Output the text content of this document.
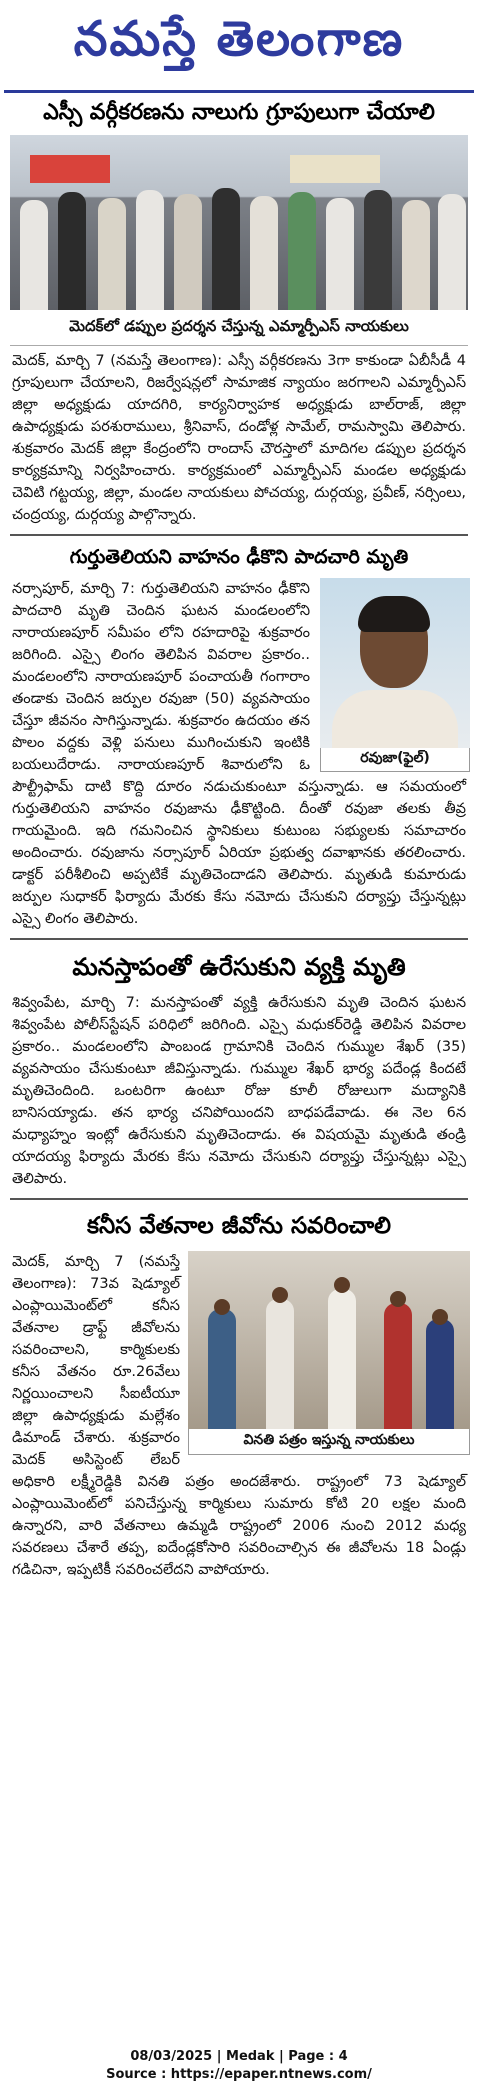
నమస్తే తెలంగాణ
ఎస్సీ వర్గీకరణను నాలుగు గ్రూపులుగా చేయాలి
మెదక్‌లో డప్పుల ప్రదర్శన చేస్తున్న ఎమ్మార్పీఎస్ నాయకులు
మెదక్, మార్చి 7 (నమస్తే తెలంగాణ): ఎస్సీ వర్గీకరణను 3గా కాకుండా ఏబీసీడీ 4 గ్రూపులుగా చేయాలని, రిజర్వేషన్లలో సామాజిక న్యాయం జరగాలని ఎమ్మార్పీఎస్ జిల్లా అధ్యక్షుడు యాదగిరి, కార్యనిర్వాహక అధ్యక్షుడు బాల్‌రాజ్, జిల్లా ఉపాధ్యక్షుడు పరశురాములు, శ్రీనివాస్, దండోళ్ల సామేల్, రామస్వామి తెలిపారు. శుక్రవారం మెదక్ జిల్లా కేంద్రంలోని రాందాస్ చౌరస్తాలో మాదిగల డప్పుల ప్రదర్శన కార్యక్రమాన్ని నిర్వహించారు. కార్యక్రమంలో ఎమ్మార్పీఎస్ మండల అధ్యక్షుడు చెవిటి గట్టయ్య, జిల్లా, మండల నాయకులు పోచయ్య, దుర్గయ్య, ప్రవీణ్, నర్సింలు, చంద్రయ్య, దుర్గయ్య పాల్గొన్నారు.
గుర్తుతెలియని వాహనం ఢీకొని పాదచారి మృతి
రవుజా(ఫైల్)
నర్సాపూర్, మార్చి 7: గుర్తుతెలియని వాహనం ఢీకొని పాదచారి మృతి చెందిన ఘటన మండలంలోని నారాయణపూర్ సమీపం లోని రహదారిపై శుక్రవారం జరిగింది. ఎస్సై లింగం తెలిపిన వివరాల ప్రకారం.. మండలంలోని నారాయణపూర్ పంచాయతీ గంగారాం తండాకు చెందిన జర్పుల రవుజా (50) వ్యవసాయం చేస్తూ జీవనం సాగిస్తున్నాడు. శుక్రవారం ఉదయం తన పొలం వద్దకు వెళ్లి పనులు ముగించుకుని ఇంటికి బయలుదేరాడు. నారాయణపూర్ శివారులోని ఓ పౌల్ట్రీఫామ్ దాటి కొద్ది దూరం నడుచుకుంటూ వస్తున్నాడు. ఆ సమయంలో గుర్తుతెలియని వాహనం రవుజాను ఢీకొట్టింది. దీంతో రవుజా తలకు తీవ్ర గాయమైంది. ఇది గమనించిన స్థానికులు కుటుంబ సభ్యులకు సమాచారం అందించారు. రవుజాను నర్సాపూర్ ఏరియా ప్రభుత్వ దవాఖానకు తరలించారు. డాక్టర్ పరీశీలించి అప్పటికే మృతిచెందాడని తెలిపారు. మృతుడి కుమారుడు జర్పుల సుధాకర్ ఫిర్యాదు మేరకు కేసు నమోదు చేసుకుని దర్యాప్తు చేస్తున్నట్లు ఎస్సై లింగం తెలిపారు.
మనస్తాపంతో ఉరేసుకుని వ్యక్తి మృతి
శివ్వంపేట, మార్చి 7: మనస్తాపంతో వ్యక్తి ఉరేసుకుని మృతి చెందిన ఘటన శివ్వంపేట పోలీస్‌స్టేషన్ పరిధిలో జరిగింది. ఎస్సై మధుకర్‌రెడ్డి తెలిపిన వివరాల ప్రకారం.. మండలంలోని పాంబండ గ్రామానికి చెందిన గుమ్ముల శేఖర్ (35) వ్యవసాయం చేసుకుంటూ జీవిస్తున్నాడు. గుమ్ముల శేఖర్ భార్య పదేండ్ల కిందటే మృతిచెందింది. ఒంటరిగా ఉంటూ రోజు కూలీ రోజులుగా మద్యానికి బానిసయ్యాడు. తన భార్య చనిపోయిందని బాధపడేవాడు. ఈ నెల 6న మధ్యాహ్నం ఇంట్లో ఉరేసుకుని మృతిచెందాడు. ఈ విషయమై మృతుడి తండ్రి యాదయ్య ఫిర్యాదు మేరకు కేసు నమోదు చేసుకుని దర్యాప్తు చేస్తున్నట్లు ఎస్సై తెలిపారు.
కనీస వేతనాల జీవోను సవరించాలి
వినతి పత్రం ఇస్తున్న నాయకులు
మెదక్, మార్చి 7 (నమస్తే తెలంగాణ): 73వ షెడ్యూల్ ఎంప్లాయిమెంట్‌లో కనీస వేతనాల డ్రాఫ్ట్ జీవోలను సవరించాలని, కార్మికులకు కనీస వేతనం రూ.26వేలు నిర్ణయించాలని సీఐటీయూ జిల్లా ఉపాధ్యక్షుడు మల్లేశం డిమాండ్ చేశారు. శుక్రవారం మెదక్ అసిస్టెంట్ లేబర్ అధికారి లక్ష్మీరెడ్డికి వినతి పత్రం అందజేశారు. రాష్ట్రంలో 73 షెడ్యూల్ ఎంప్లాయిమెంట్‌లో పనిచేస్తున్న కార్మికులు సుమారు కోటి 20 లక్షల మంది ఉన్నారని, వారి వేతనాలు ఉమ్మడి రాష్ట్రంలో 2006 నుంచి 2012 మధ్య సవరణలు చేశారే తప్ప, ఐదేండ్లకోసారి సవరించాల్సిన ఈ జీవోలను 18 ఏండ్లు గడిచినా, ఇప్పటికీ సవరించలేదని వాపోయారు.
08/03/2025 | Medak | Page : 4
Source : https://epaper.ntnews.com/
